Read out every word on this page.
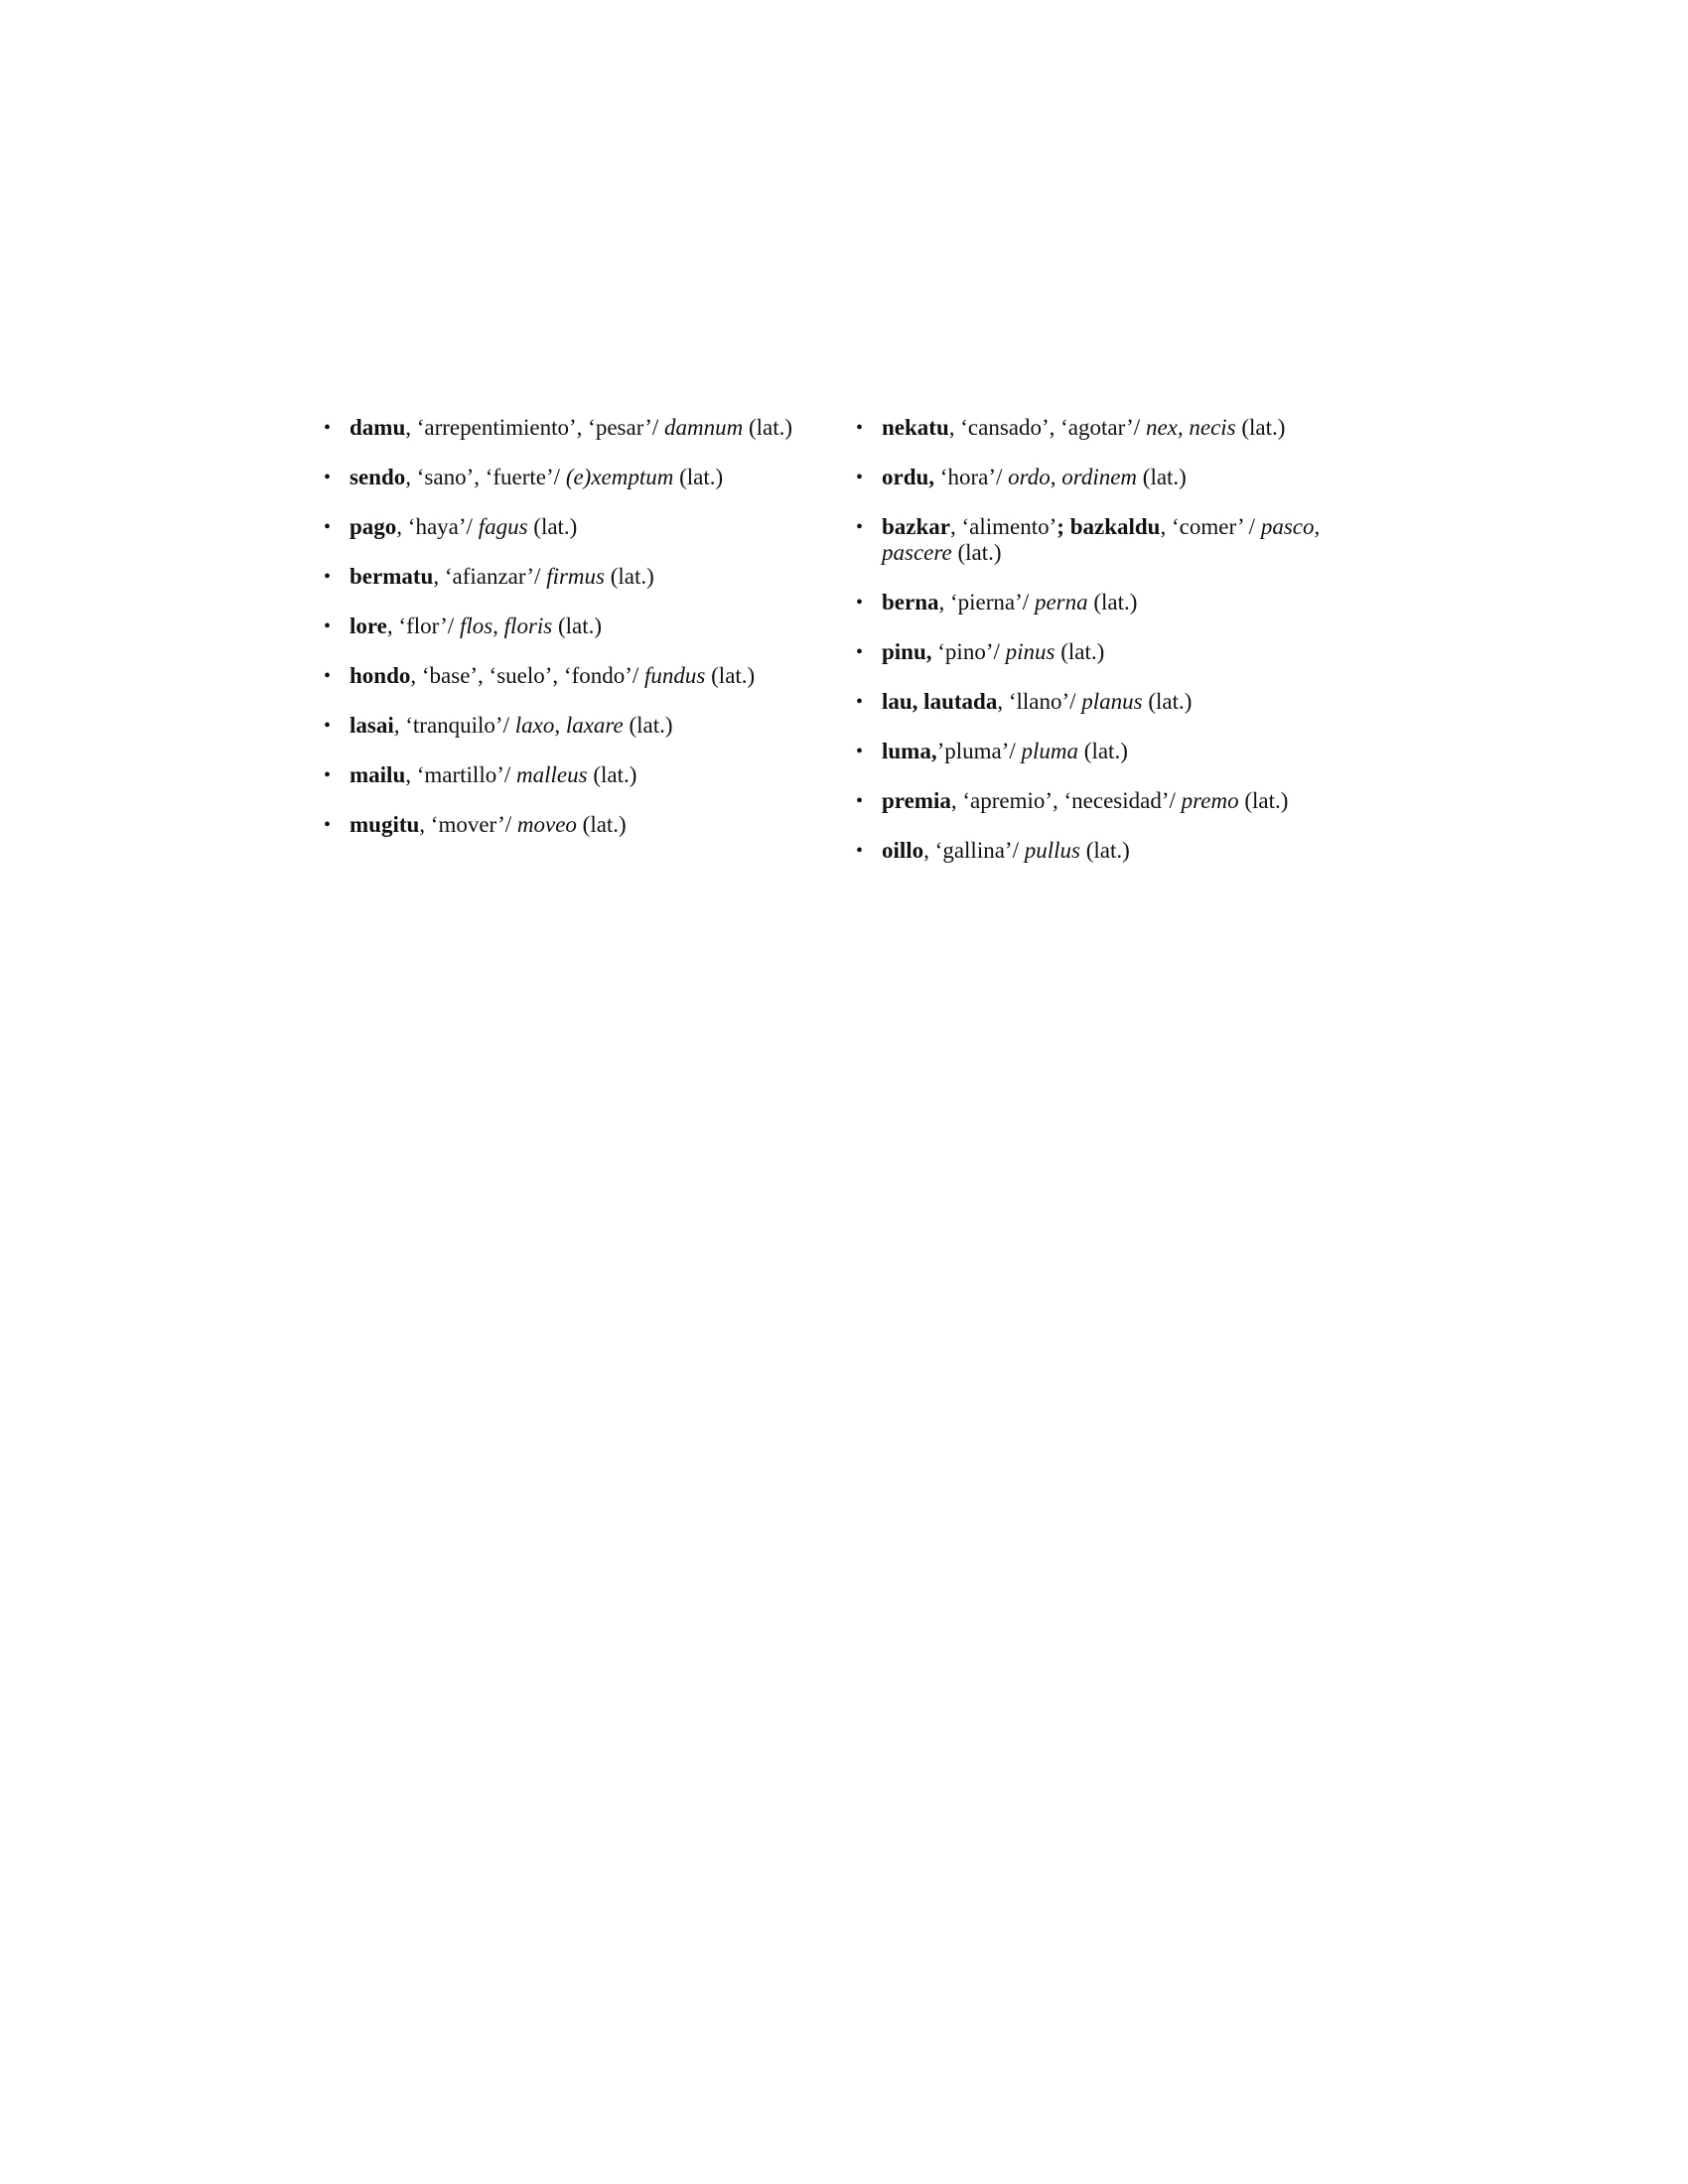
• damu, ‘arrepentimiento’, ‘pesar’/ damnum (lat.)
• sendo, ‘sano’, ‘fuerte’/ (e)xemptum (lat.)
• pago, ‘haya’/ fagus (lat.)
• bermatu, ‘afianzar’/ firmus (lat.)
• lore, ‘flor’/ flos, floris (lat.)
• hondo, ‘base’, ‘suelo’, ‘fondo’/ fundus (lat.)
• lasai, ‘tranquilo’/ laxo, laxare (lat.)
• mailu, ‘martillo’/ malleus (lat.)
• mugitu, ‘mover’/ moveo (lat.)
• nekatu, ‘cansado’, ‘agotar’/ nex, necis (lat.)
• ordu, ‘hora’/ ordo, ordinem (lat.)
• bazkar, ‘alimento’; bazkaldu, ‘comer’ / pasco, pascere (lat.)
• berna, ‘pierna’/ perna (lat.)
• pinu, ‘pino’/ pinus (lat.)
• lau, lautada, ‘llano’/ planus (lat.)
• luma,’pluma’/ pluma (lat.)
• premia, ‘apremio’, ‘necesidad’/ premo (lat.)
• oillo, ‘gallina’/ pullus (lat.)
